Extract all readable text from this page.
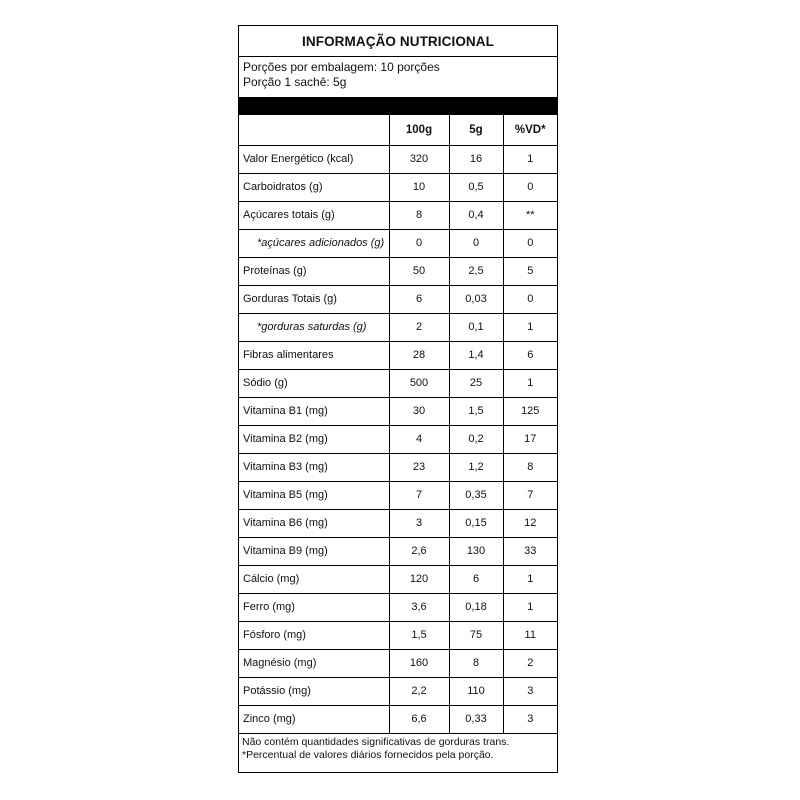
INFORMAÇÃO NUTRICIONAL
Porções por embalagem: 10 porções
Porção 1 sachê: 5g
	100g	5g	%VD*
Valor Energético (kcal)	320	16	1
Carboidratos (g)	10	0,5	0
Açúcares totais (g)	8	0,4	**
*açúcares adicionados (g)	0	0	0
Proteínas (g)	50	2,5	5
Gorduras Totais (g)	6	0,03	0
*gorduras saturdas (g)	2	0,1	1
Fibras alimentares	28	1,4	6
Sódio (g)	500	25	1
Vitamina B1 (mg)	30	1,5	125
Vitamina B2 (mg)	4	0,2	17
Vitamina B3 (mg)	23	1,2	8
Vitamina B5 (mg)	7	0,35	7
Vitamina B6 (mg)	3	0,15	12
Vitamina B9 (mg)	2,6	130	33
Cálcio (mg)	120	6	1
Ferro (mg)	3,6	0,18	1
Fósforo (mg)	1,5	75	11
Magnésio (mg)	160	8	2
Potássio (mg)	2,2	110	3
Zinco (mg)	6,6	0,33	3
Não contém quantidades significativas de gorduras trans.
*Percentual de valores diários fornecidos pela porção.
